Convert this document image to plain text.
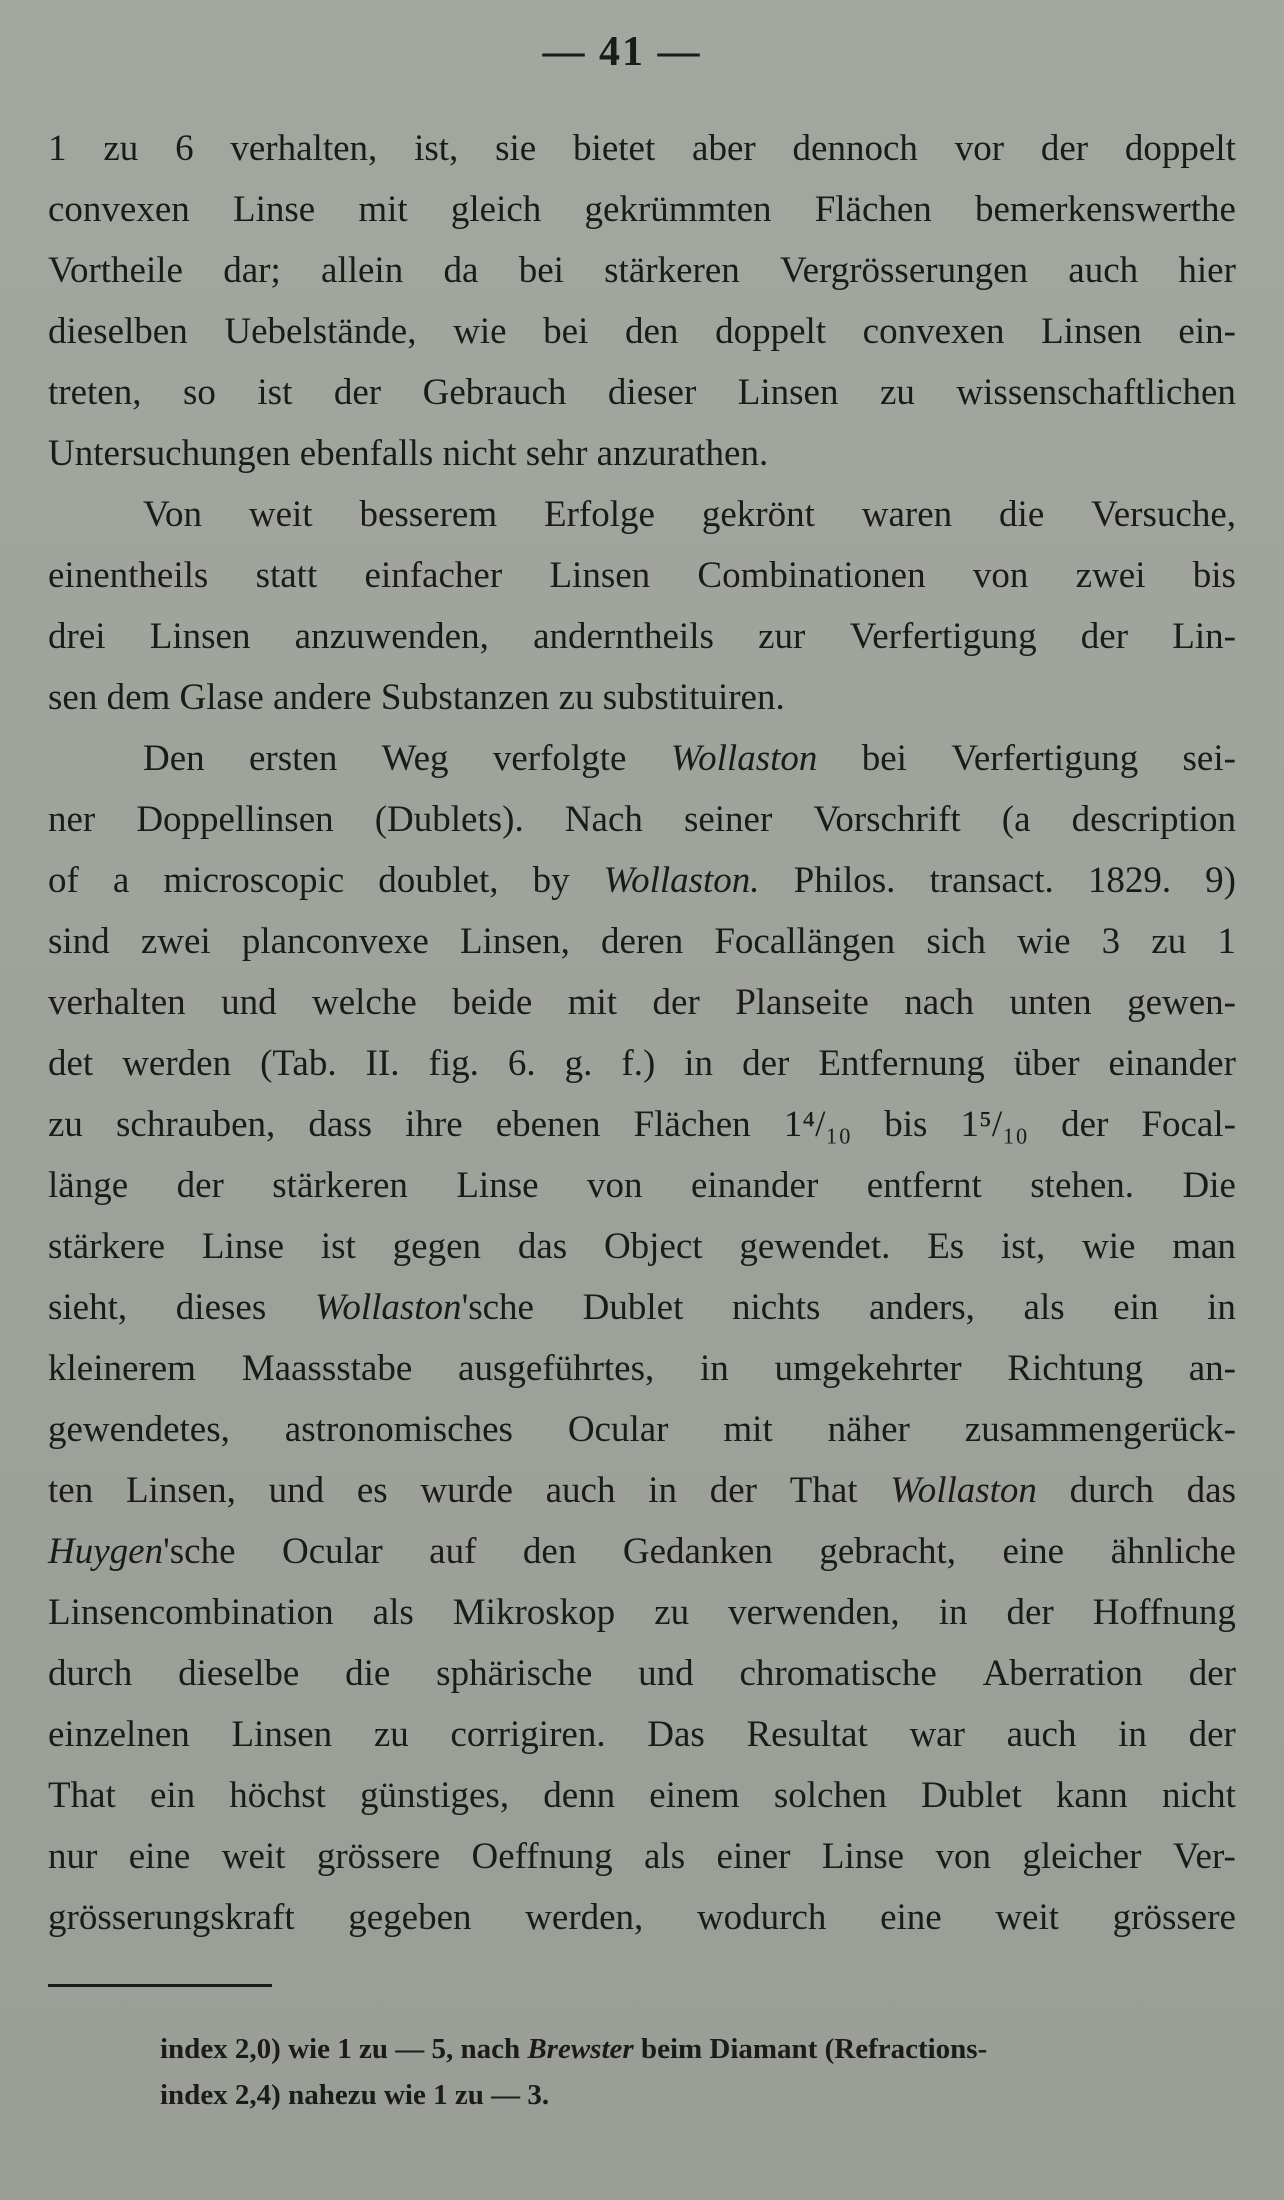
— 41 —
1 zu 6 verhalten, ist, sie bietet aber dennoch vor der doppelt
convexen Linse mit gleich gekrümmten Flächen bemerkenswerthe
Vortheile dar; allein da bei stärkeren Vergrösserungen auch hier
dieselben Uebelstände, wie bei den doppelt convexen Linsen ein-
treten, so ist der Gebrauch dieser Linsen zu wissenschaftlichen
Untersuchungen ebenfalls nicht sehr anzurathen.
Von weit besserem Erfolge gekrönt waren die Versuche,
einentheils statt einfacher Linsen Combinationen von zwei bis
drei Linsen anzuwenden, anderntheils zur Verfertigung der Lin-
sen dem Glase andere Substanzen zu substituiren.
Den ersten Weg verfolgte Wollaston bei Verfertigung sei-
ner Doppellinsen (Dublets). Nach seiner Vorschrift (a description
of a microscopic doublet, by Wollaston. Philos. transact. 1829. 9)
sind zwei planconvexe Linsen, deren Focallängen sich wie 3 zu 1
verhalten und welche beide mit der Planseite nach unten gewen-
det werden (Tab. II. fig. 6. g. f.) in der Entfernung über einander
zu schrauben, dass ihre ebenen Flächen 1⁴/₁₀ bis 1⁵/₁₀ der Focal-
länge der stärkeren Linse von einander entfernt stehen. Die
stärkere Linse ist gegen das Object gewendet. Es ist, wie man
sieht, dieses Wollaston'sche Dublet nichts anders, als ein in
kleinerem Maassstabe ausgeführtes, in umgekehrter Richtung an-
gewendetes, astronomisches Ocular mit näher zusammengerück-
ten Linsen, und es wurde auch in der That Wollaston durch das
Huygen'sche Ocular auf den Gedanken gebracht, eine ähnliche
Linsencombination als Mikroskop zu verwenden, in der Hoffnung
durch dieselbe die sphärische und chromatische Aberration der
einzelnen Linsen zu corrigiren. Das Resultat war auch in der
That ein höchst günstiges, denn einem solchen Dublet kann nicht
nur eine weit grössere Oeffnung als einer Linse von gleicher Ver-
grösserungskraft gegeben werden, wodurch eine weit grössere
index 2,0) wie 1 zu — 5, nach Brewster beim Diamant (Refractions-
index 2,4) nahezu wie 1 zu — 3.
